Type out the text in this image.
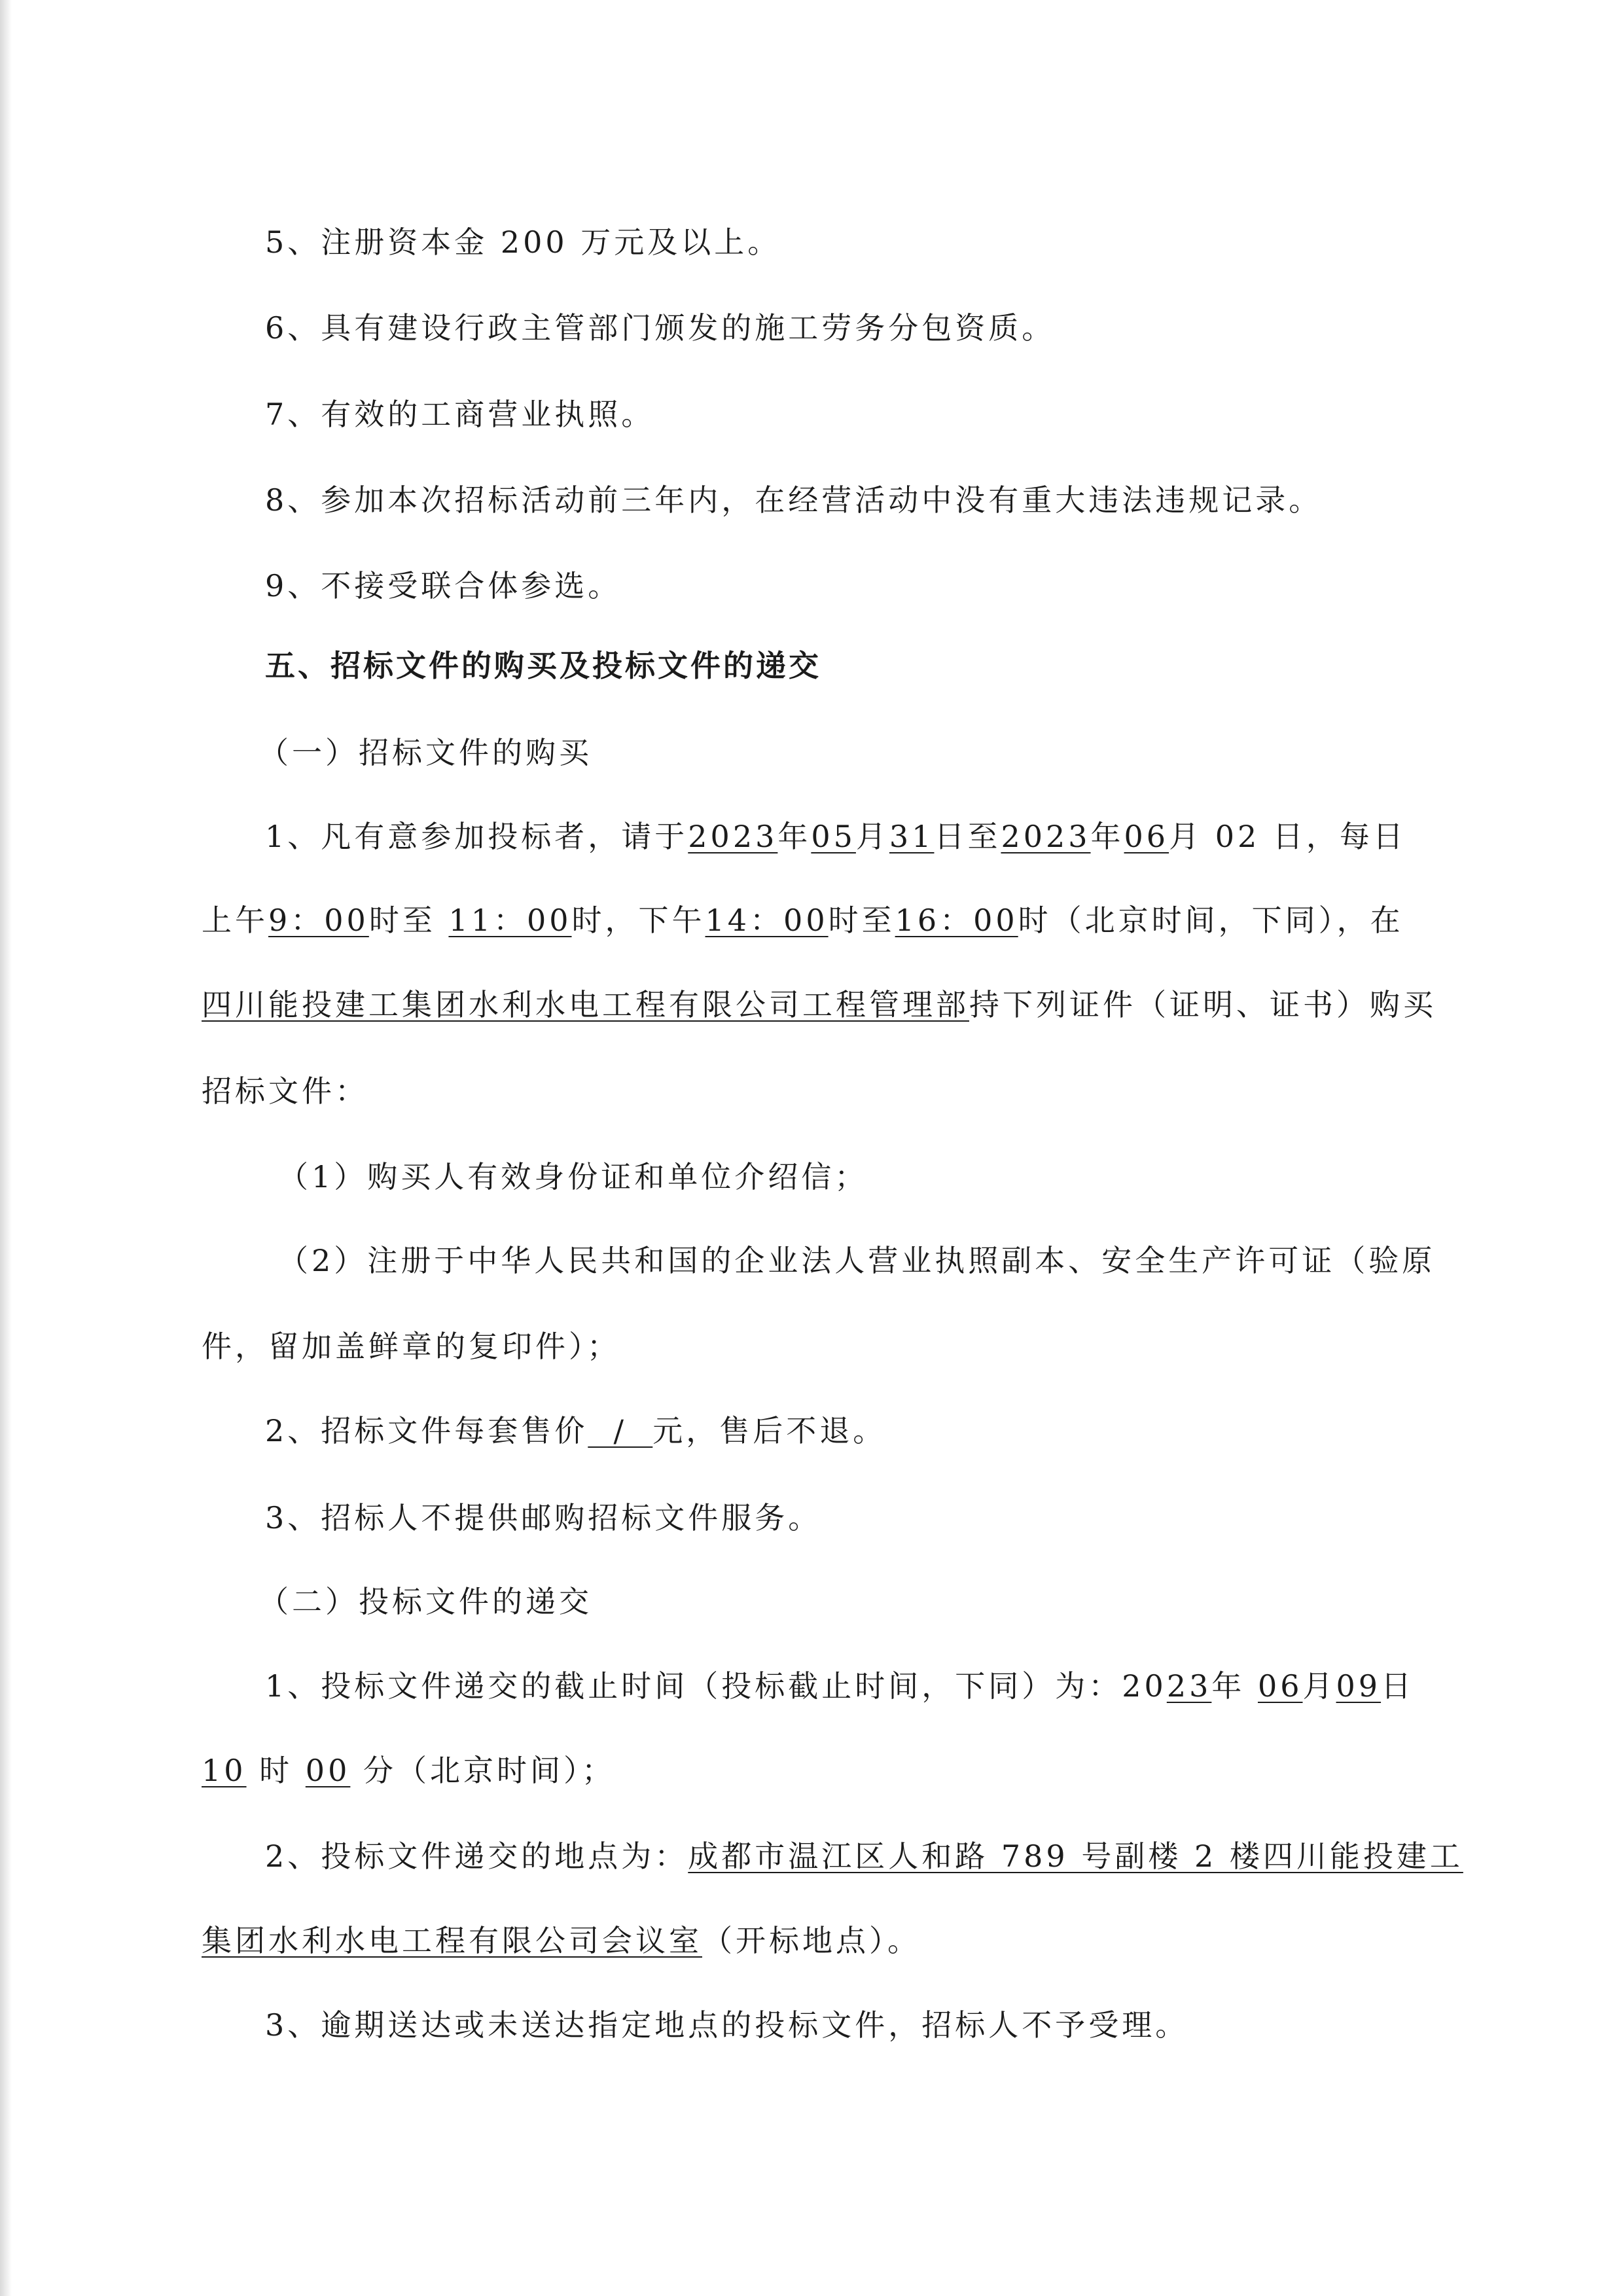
5、注册资本金 200 万元及以上。
6、具有建设行政主管部门颁发的施工劳务分包资质。
7、有效的工商营业执照。
8、参加本次招标活动前三年内，在经营活动中没有重大违法违规记录。
9、不接受联合体参选。
五、招标文件的购买及投标文件的递交
（一）招标文件的购买
1、凡有意参加投标者，请于2023年05月31日至2023年06月 02 日，每日
上午9：00时至 11：00时，下午14：00时至16：00时（北京时间，下同），在
四川能投建工集团水利水电工程有限公司工程管理部持下列证件（证明、证书）购买
招标文件：
（1）购买人有效身份证和单位介绍信；
（2）注册于中华人民共和国的企业法人营业执照副本、安全生产许可证（验原
件，留加盖鲜章的复印件）；
2、招标文件每套售价  /  元，售后不退。
3、招标人不提供邮购招标文件服务。
（二）投标文件的递交
1、投标文件递交的截止时间（投标截止时间，下同）为：2023年 06月09日
10 时 00 分（北京时间）；
2、投标文件递交的地点为：成都市温江区人和路 789 号副楼 2 楼四川能投建工
集团水利水电工程有限公司会议室（开标地点）。
3、逾期送达或未送达指定地点的投标文件，招标人不予受理。
